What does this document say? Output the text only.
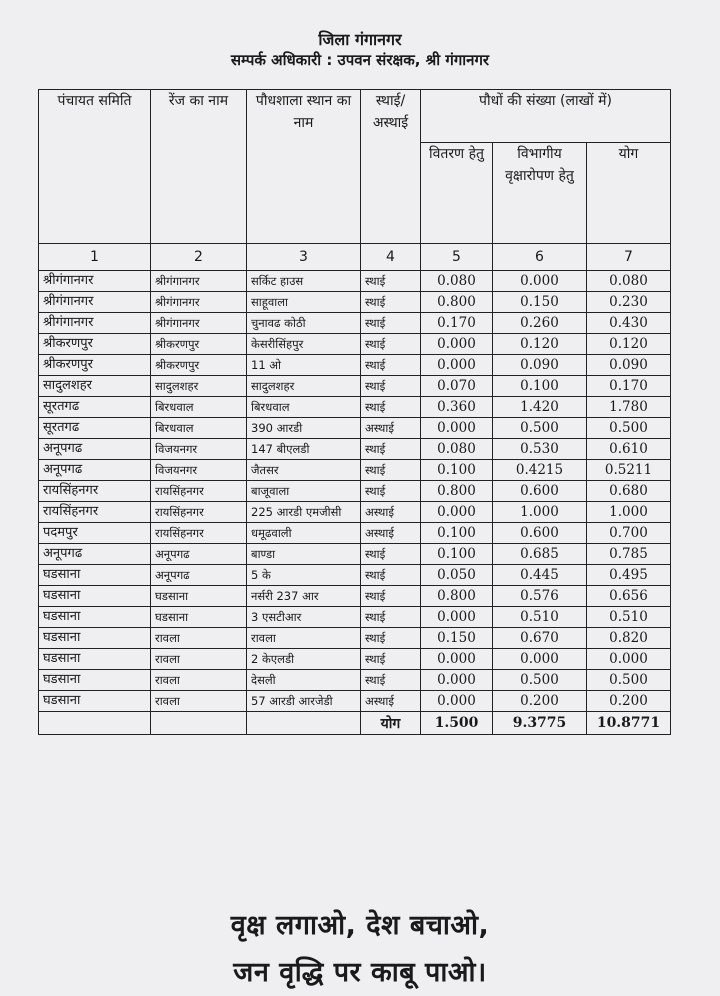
जिला गंगानगर
सम्पर्क अधिकारी : उपवन संरक्षक, श्री गंगानगर
पंचायत समिति	रेंज का नाम	पौधशाला स्थान का नाम	स्थाई/ अस्थाई	पौधों की संख्या (लाखों में)		
				वितरण हेतु	विभागीय वृक्षारोपण हेतु	योग
1	2	3	4	5	6	7
श्रीगंगानगर	श्रीगंगानगर	सर्किट हाउस	स्थाई	0.080	0.000	0.080
श्रीगंगानगर	श्रीगंगानगर	साहूवाला	स्थाई	0.800	0.150	0.230
श्रीगंगानगर	श्रीगंगानगर	चुनावढ कोठी	स्थाई	0.170	0.260	0.430
श्रीकरणपुर	श्रीकरणपुर	केसरीसिंहपुर	स्थाई	0.000	0.120	0.120
श्रीकरणपुर	श्रीकरणपुर	11 ओ	स्थाई	0.000	0.090	0.090
सादुलशहर	सादुलशहर	सादुलशहर	स्थाई	0.070	0.100	0.170
सूरतगढ	बिरधवाल	बिरधवाल	स्थाई	0.360	1.420	1.780
सूरतगढ	बिरधवाल	390 आरडी	अस्थाई	0.000	0.500	0.500
अनूपगढ	विजयनगर	147 बीएलडी	स्थाई	0.080	0.530	0.610
अनूपगढ	विजयनगर	जैतसर	स्थाई	0.100	0.4215	0.5211
रायसिंहनगर	रायसिंहनगर	बाजूवाला	स्थाई	0.800	0.600	0.680
रायसिंहनगर	रायसिंहनगर	225 आरडी एमजीसी	अस्थाई	0.000	1.000	1.000
पदमपुर	रायसिंहनगर	धमूढवाली	अस्थाई	0.100	0.600	0.700
अनूपगढ	अनूपगढ	बाण्डा	स्थाई	0.100	0.685	0.785
घडसाना	अनूपगढ	5 के	स्थाई	0.050	0.445	0.495
घडसाना	घडसाना	नर्सरी 237 आर	स्थाई	0.800	0.576	0.656
घडसाना	घडसाना	3 एसटीआर	स्थाई	0.000	0.510	0.510
घडसाना	रावला	रावला	स्थाई	0.150	0.670	0.820
घडसाना	रावला	2 केएलडी	स्थाई	0.000	0.000	0.000
घडसाना	रावला	देसली	स्थाई	0.000	0.500	0.500
घडसाना	रावला	57 आरडी आरजेडी	अस्थाई	0.000	0.200	0.200
			योग	1.500	9.3775	10.8771
वृक्ष लगाओ, देश बचाओ,
जन वृद्धि पर काबू पाओ।
